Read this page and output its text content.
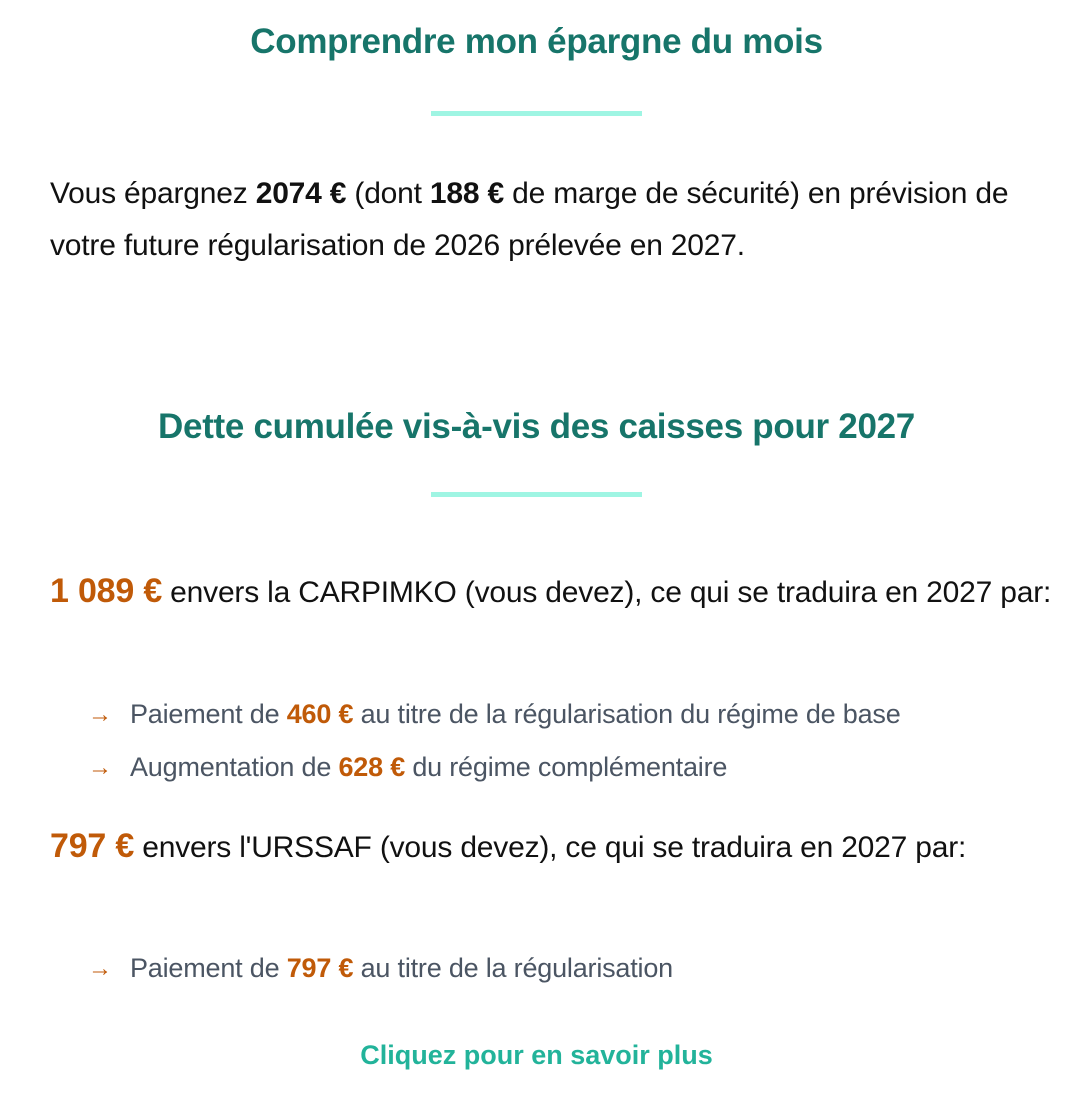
Comprendre mon épargne du mois

Vous épargnez 2074 € (dont 188 € de marge de sécurité) en prévision de votre future régularisation de 2026 prélevée en 2027.

Dette cumulée vis-à-vis des caisses pour 2027

1 089 € envers la CARPIMKO (vous devez), ce qui se traduira en 2027 par:

→ Paiement de 460 € au titre de la régularisation du régime de base
→ Augmentation de 628 € du régime complémentaire

797 € envers l'URSSAF (vous devez), ce qui se traduira en 2027 par:

→ Paiement de 797 € au titre de la régularisation
Cliquez pour en savoir plus
